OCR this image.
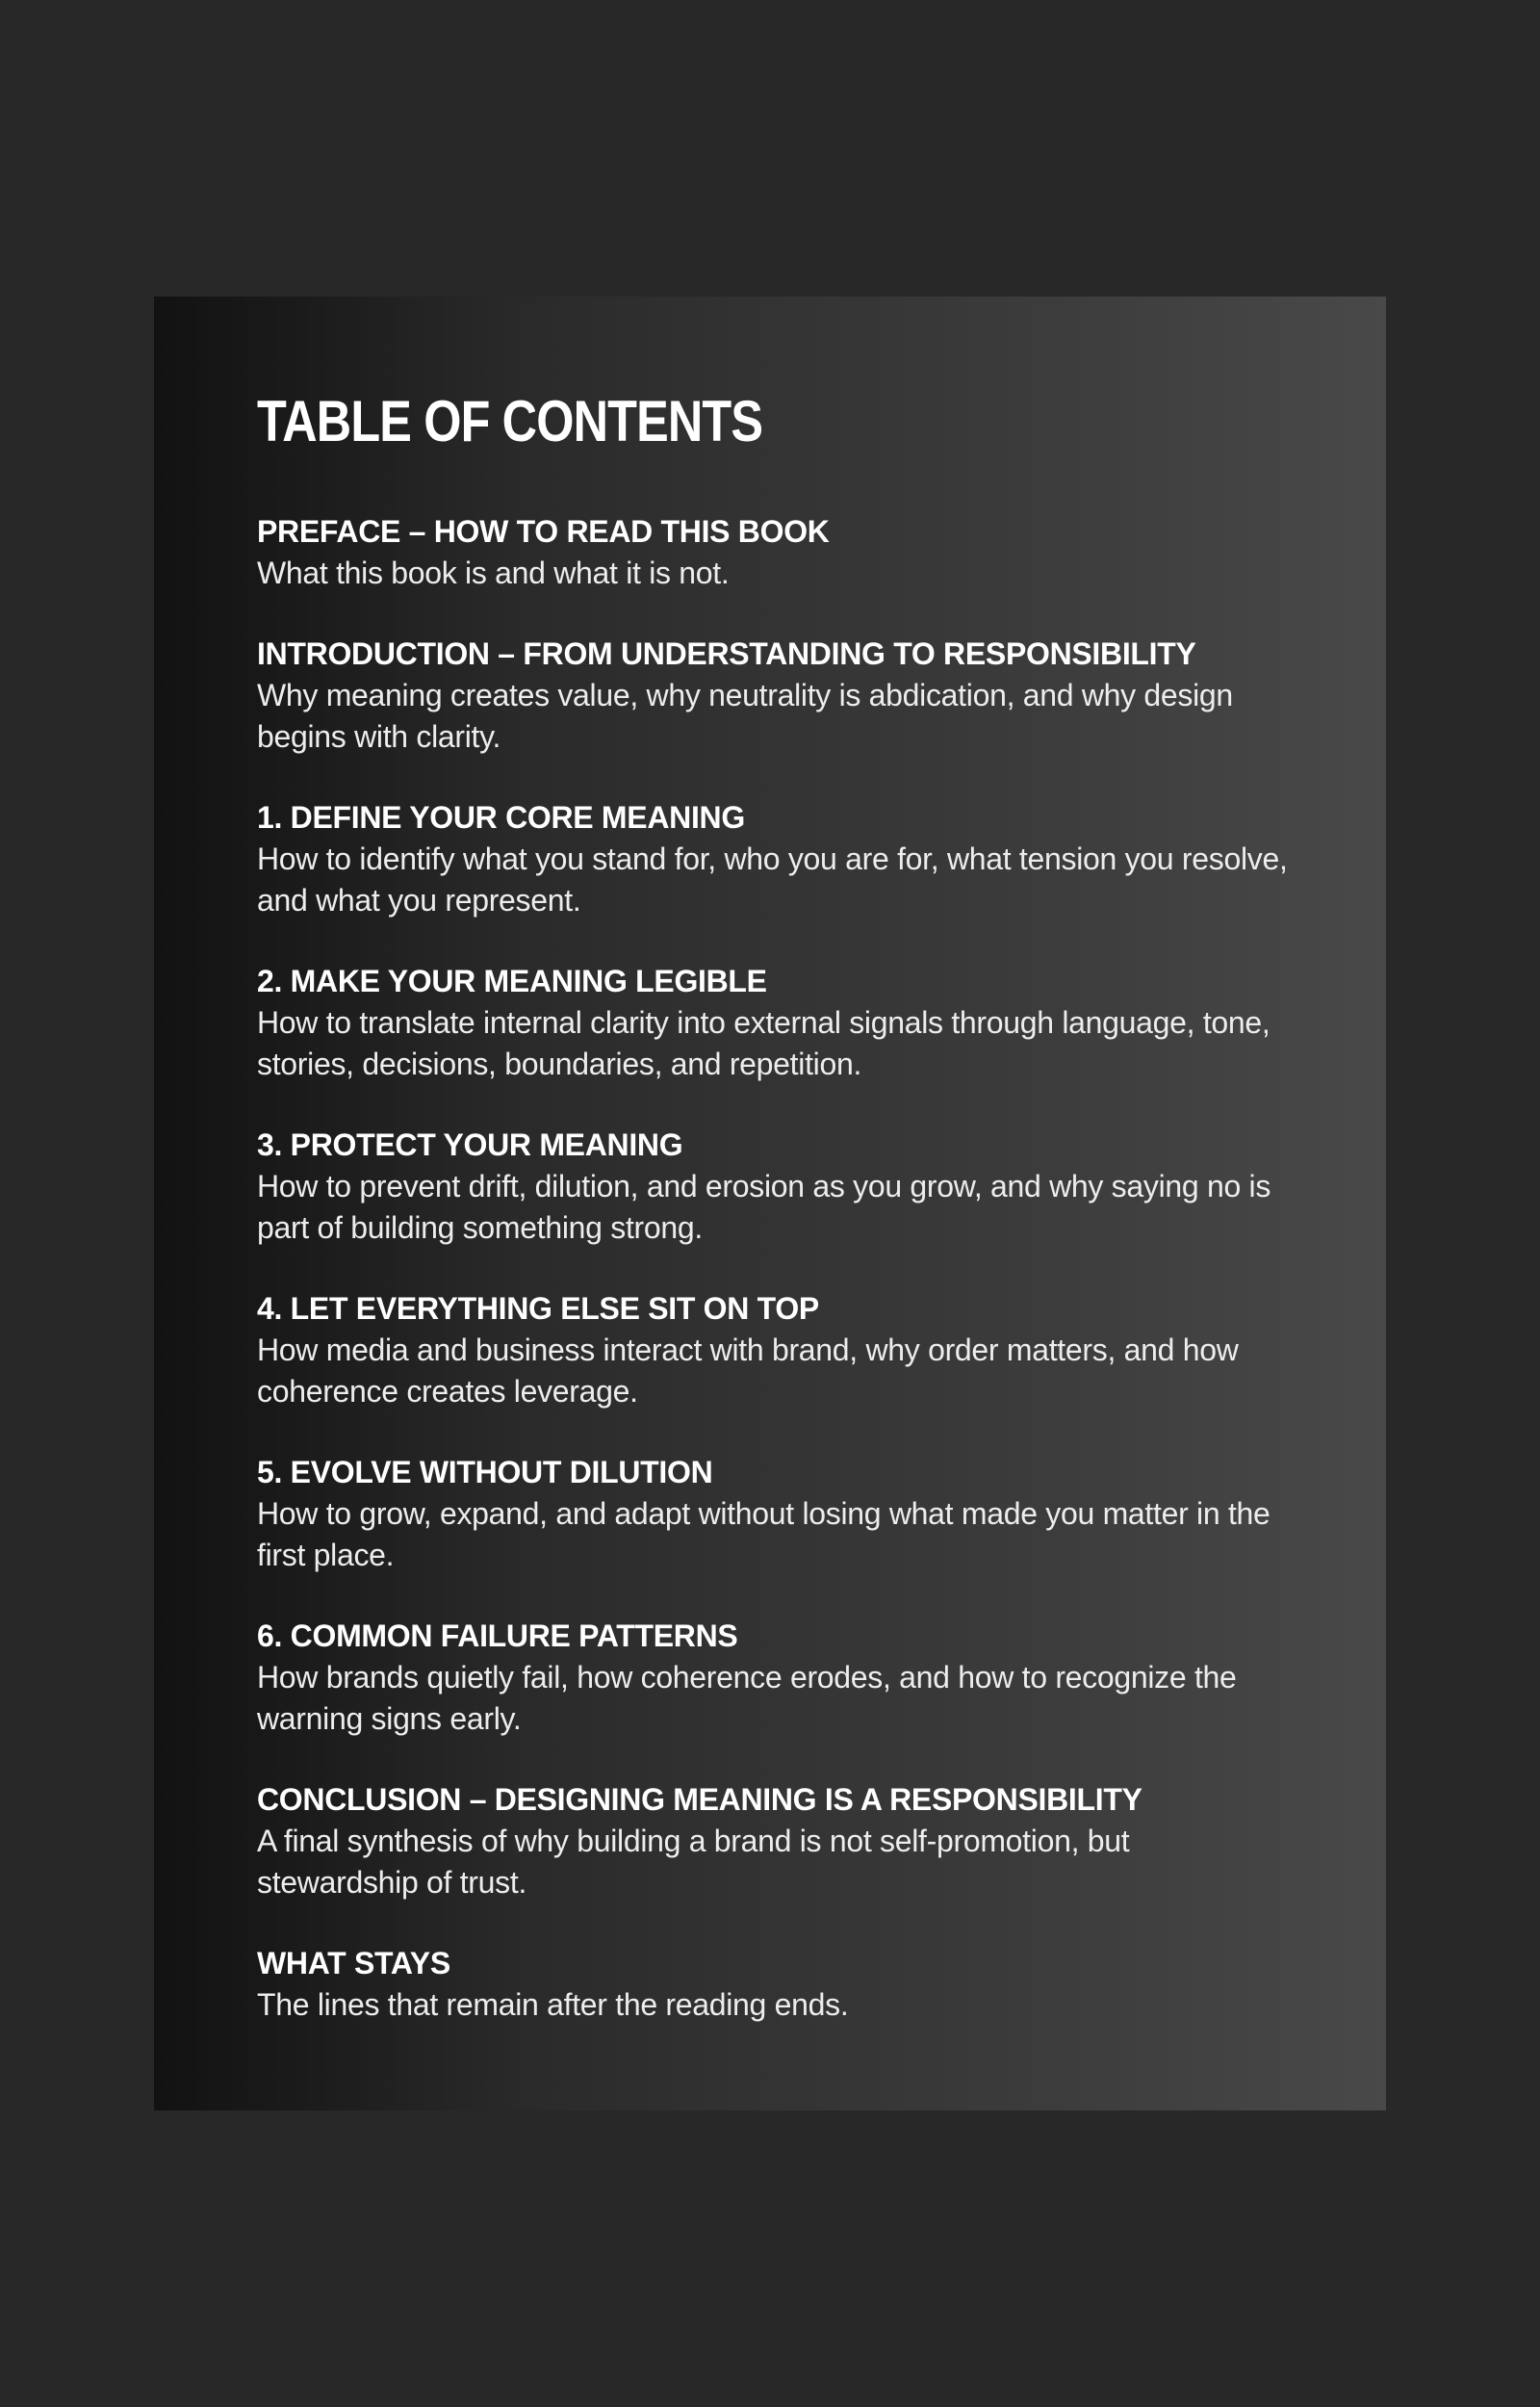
TABLE OF CONTENTS
PREFACE – HOW TO READ THIS BOOK
What this book is and what it is not.
INTRODUCTION – FROM UNDERSTANDING TO RESPONSIBILITY
Why meaning creates value, why neutrality is abdication, and why design begins with clarity.
1. DEFINE YOUR CORE MEANING
How to identify what you stand for, who you are for, what tension you resolve, and what you represent.
2. MAKE YOUR MEANING LEGIBLE
How to translate internal clarity into external signals through language, tone, stories, decisions, boundaries, and repetition.
3. PROTECT YOUR MEANING
How to prevent drift, dilution, and erosion as you grow, and why saying no is part of building something strong.
4. LET EVERYTHING ELSE SIT ON TOP
How media and business interact with brand, why order matters, and how coherence creates leverage.
5. EVOLVE WITHOUT DILUTION
How to grow, expand, and adapt without losing what made you matter in the first place.
6. COMMON FAILURE PATTERNS
How brands quietly fail, how coherence erodes, and how to recognize the warning signs early.
CONCLUSION – DESIGNING MEANING IS A RESPONSIBILITY
A final synthesis of why building a brand is not self-promotion, but stewardship of trust.
WHAT STAYS
The lines that remain after the reading ends.
